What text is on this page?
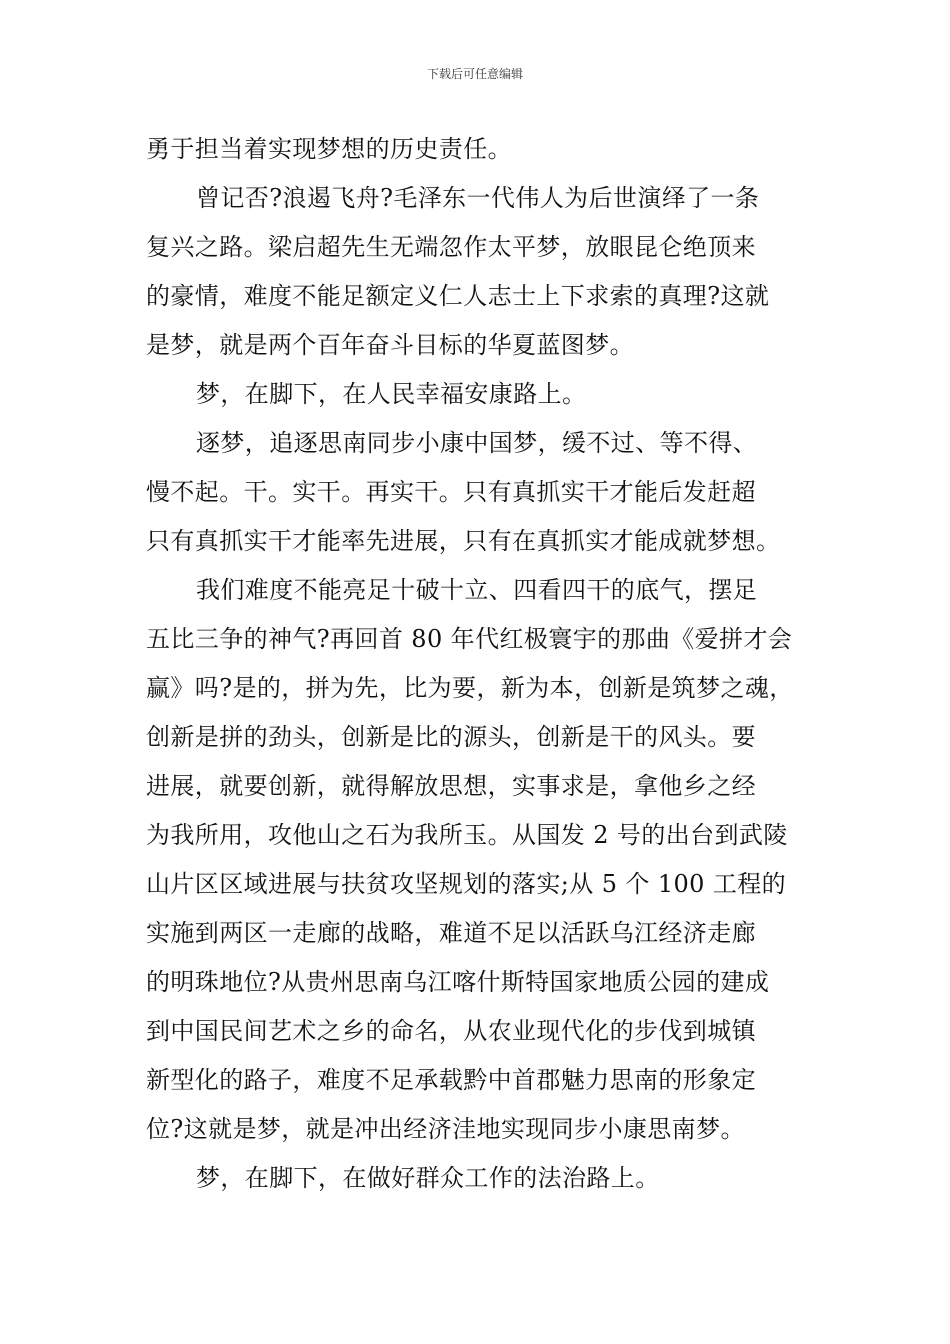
下载后可任意编辑

勇于担当着实现梦想的历史责任。

曾记否?浪遏飞舟?毛泽东一代伟人为后世演绎了一条

复兴之路。梁启超先生无端忽作太平梦，放眼昆仑绝顶来

的豪情，难度不能足额定义仁人志士上下求索的真理?这就

是梦，就是两个百年奋斗目标的华夏蓝图梦。

梦，在脚下，在人民幸福安康路上。

逐梦，追逐思南同步小康中国梦，缓不过、等不得、

慢不起。干。实干。再实干。只有真抓实干才能后发赶超

只有真抓实干才能率先进展，只有在真抓实才能成就梦想。

我们难度不能亮足十破十立、四看四干的底气，摆足

五比三争的神气?再回首 80 年代红极寰宇的那曲《爱拼才会

赢》吗?是的，拼为先，比为要，新为本，创新是筑梦之魂，

创新是拼的劲头，创新是比的源头，创新是干的风头。要

进展，就要创新，就得解放思想，实事求是，拿他乡之经

为我所用，攻他山之石为我所玉。从国发 2 号的出台到武陵

山片区区域进展与扶贫攻坚规划的落实;从 5 个 100 工程的

实施到两区一走廊的战略，难道不足以活跃乌江经济走廊

的明珠地位?从贵州思南乌江喀什斯特国家地质公园的建成

到中国民间艺术之乡的命名，从农业现代化的步伐到城镇

新型化的路子，难度不足承载黔中首郡魅力思南的形象定

位?这就是梦，就是冲出经济洼地实现同步小康思南梦。

梦，在脚下，在做好群众工作的法治路上。
